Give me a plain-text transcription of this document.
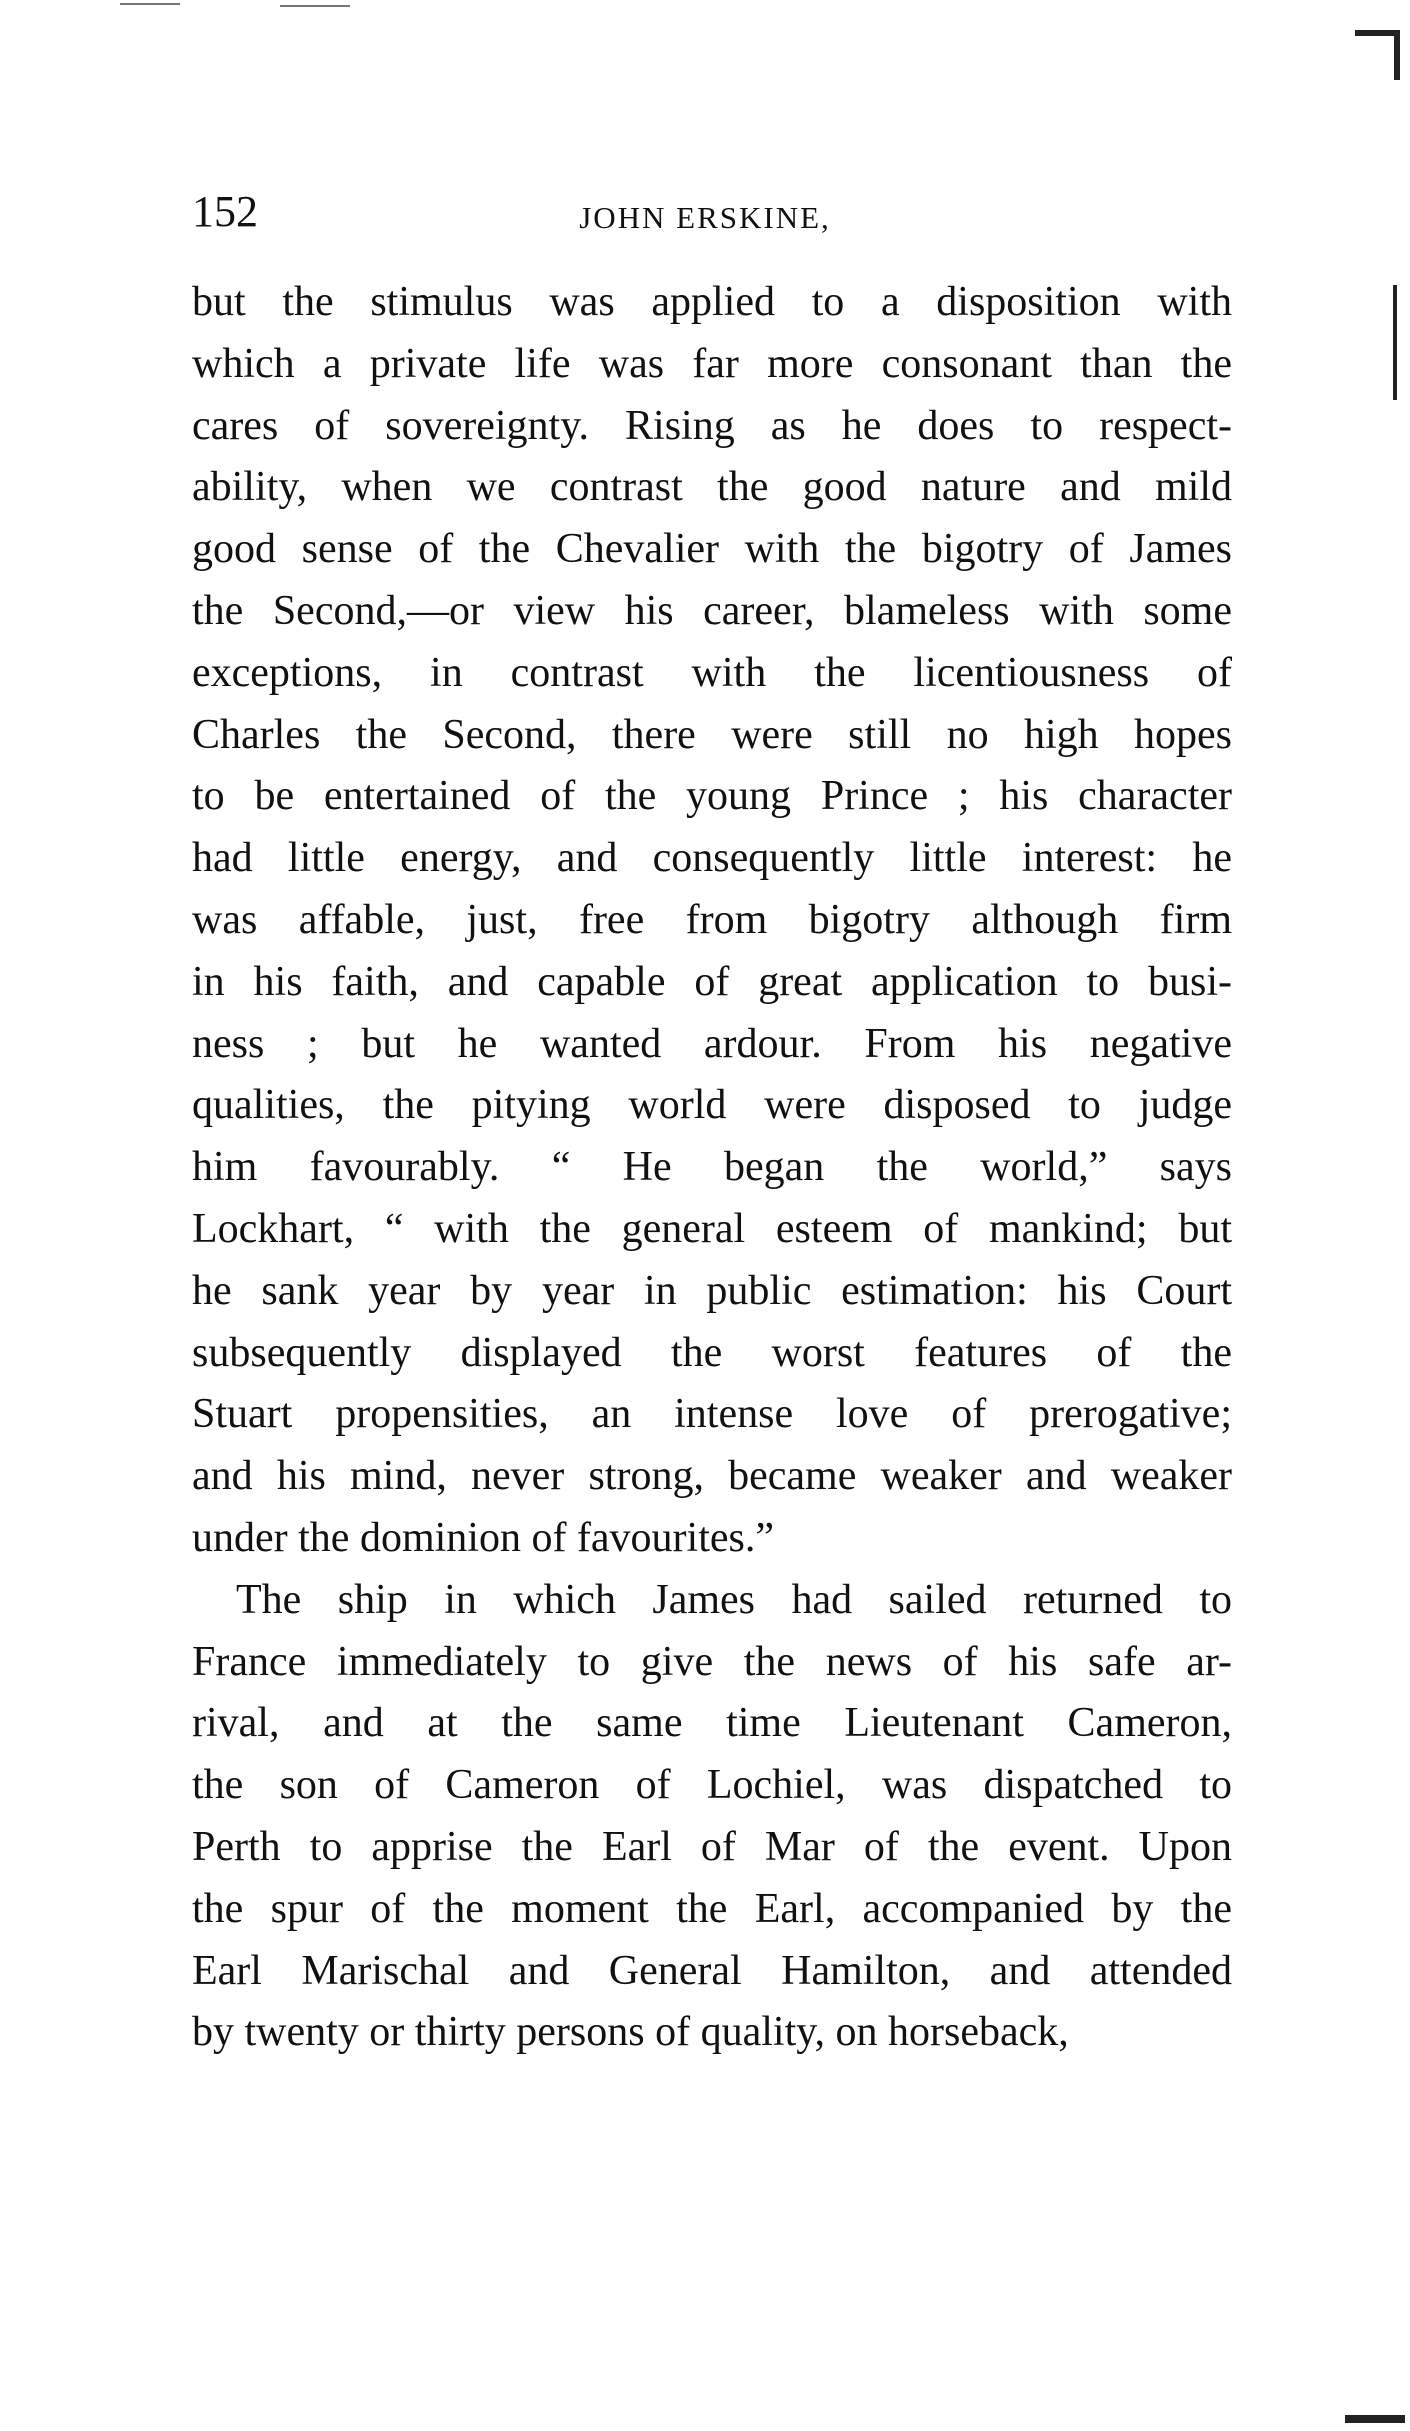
152	JOHN ERSKINE,
but the stimulus was applied to a disposition with
which a private life was far more consonant than the
cares of sovereignty. Rising as he does to respect-
ability, when we contrast the good nature and mild
good sense of the Chevalier with the bigotry of James
the Second,—or view his career, blameless with some
exceptions, in contrast with the licentiousness of
Charles the Second, there were still no high hopes
to be entertained of the young Prince ; his character
had little energy, and consequently little interest: he
was affable, just, free from bigotry although firm
in his faith, and capable of great application to busi-
ness ; but he wanted ardour. From his negative
qualities, the pitying world were disposed to judge
him favourably. “ He began the world,” says
Lockhart, “ with the general esteem of mankind; but
he sank year by year in public estimation: his Court
subsequently displayed the worst features of the
Stuart propensities, an intense love of prerogative;
and his mind, never strong, became weaker and weaker
under the dominion of favourites.”
The ship in which James had sailed returned to
France immediately to give the news of his safe ar-
rival, and at the same time Lieutenant Cameron,
the son of Cameron of Lochiel, was dispatched to
Perth to apprise the Earl of Mar of the event. Upon
the spur of the moment the Earl, accompanied by the
Earl Marischal and General Hamilton, and attended
by twenty or thirty persons of quality, on horseback,
